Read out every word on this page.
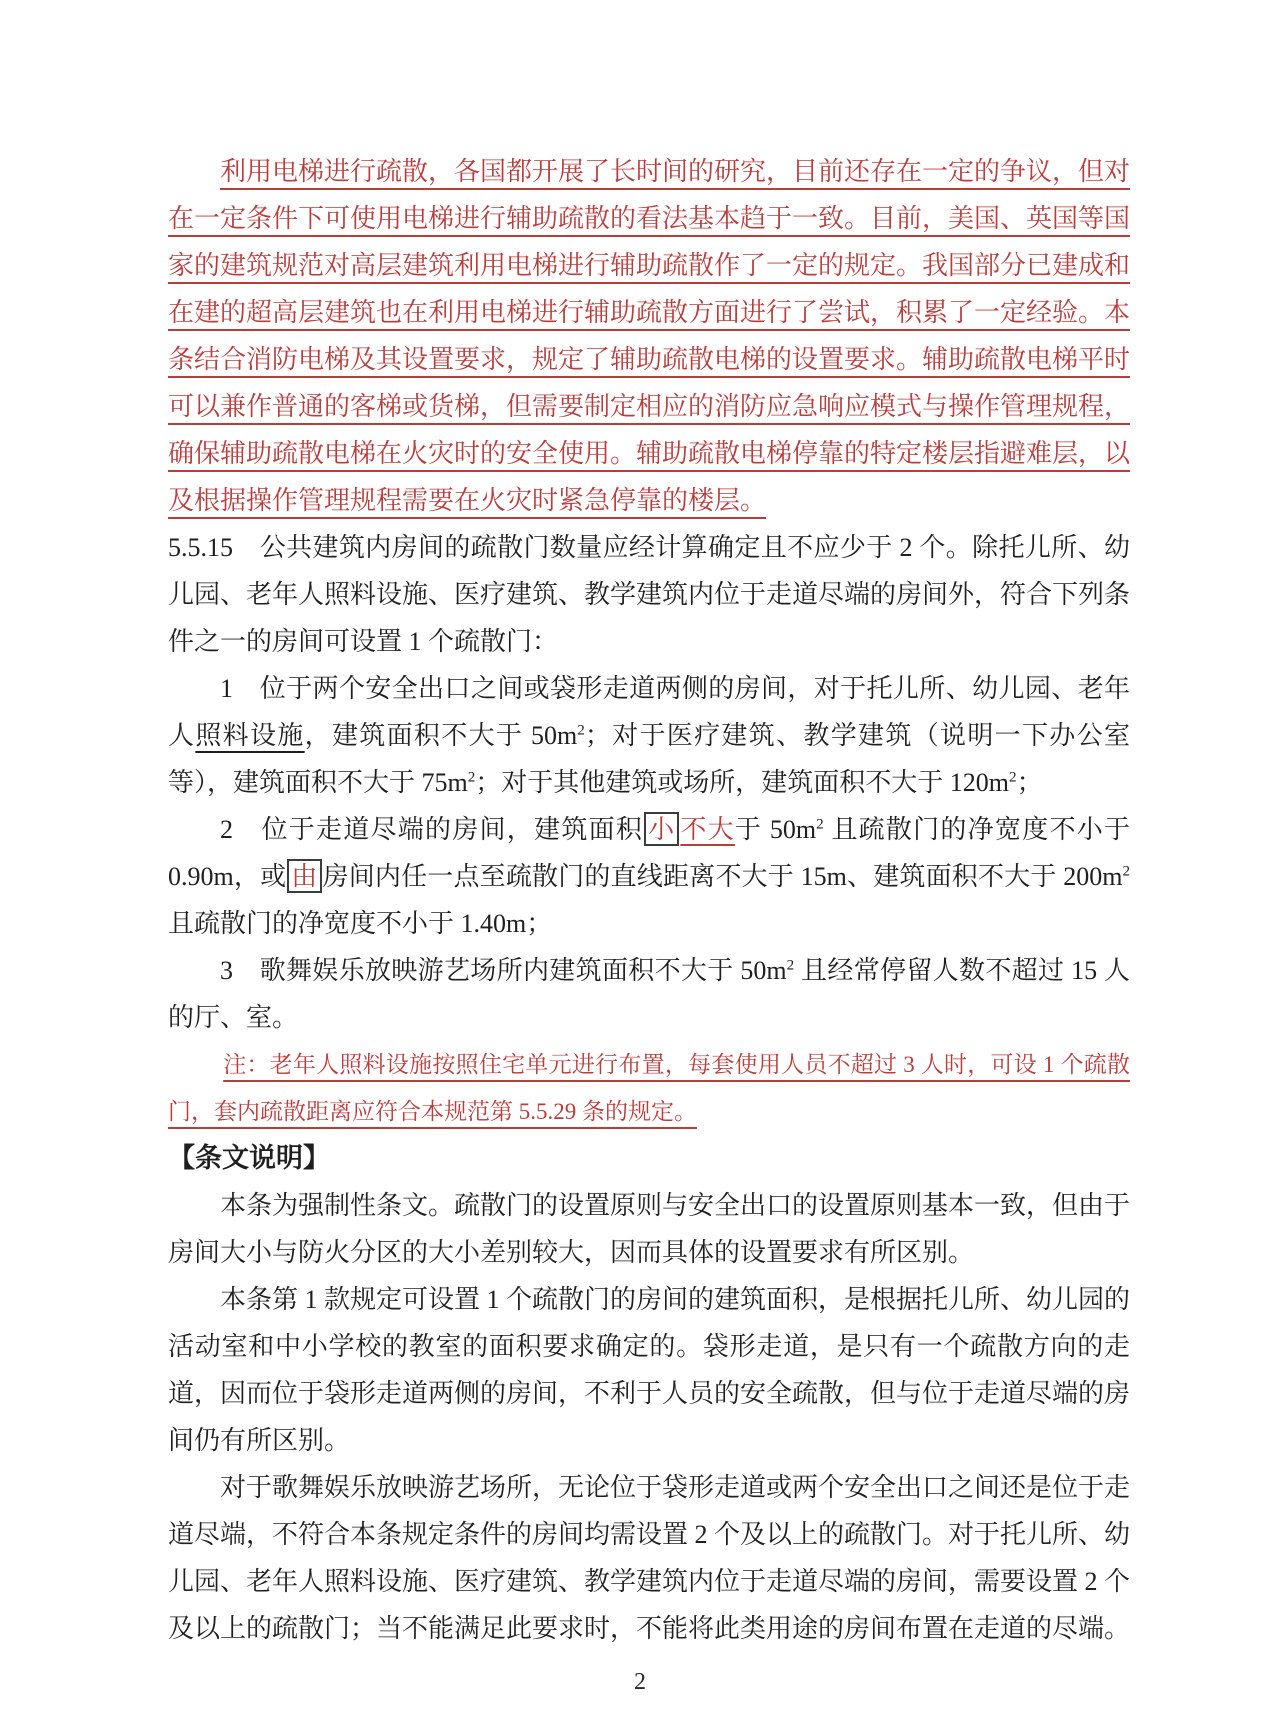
利用电梯进行疏散，各国都开展了长时间的研究，目前还存在一定的争议，但对在一定条件下可使用电梯进行辅助疏散的看法基本趋于一致。目前，美国、英国等国家的建筑规范对高层建筑利用电梯进行辅助疏散作了一定的规定。我国部分已建成和在建的超高层建筑也在利用电梯进行辅助疏散方面进行了尝试，积累了一定经验。本条结合消防电梯及其设置要求，规定了辅助疏散电梯的设置要求。辅助疏散电梯平时可以兼作普通的客梯或货梯，但需要制定相应的消防应急响应模式与操作管理规程，确保辅助疏散电梯在火灾时的安全使用。辅助疏散电梯停靠的特定楼层指避难层，以及根据操作管理规程需要在火灾时紧急停靠的楼层。

5.5.15　公共建筑内房间的疏散门数量应经计算确定且不应少于 2 个。除托儿所、幼儿园、老年人照料设施、医疗建筑、教学建筑内位于走道尽端的房间外，符合下列条件之一的房间可设置 1 个疏散门：

1　位于两个安全出口之间或袋形走道两侧的房间，对于托儿所、幼儿园、老年人照料设施，建筑面积不大于 $50m^2$；对于医疗建筑、教学建筑（说明一下办公室等），建筑面积不大于 $75m^2$；对于其他建筑或场所，建筑面积不大于 $120m^2$；

2　位于走道尽端的房间，建筑面积 小 不大于 $50m^2$ 且疏散门的净宽度不小于 0.90m，或 由 房间内任一点至疏散门的直线距离不大于 15m、建筑面积不大于 $200m^2$ 且疏散门的净宽度不小于 1.40m；

3　歌舞娱乐放映游艺场所内建筑面积不大于 $50m^2$ 且经常停留人数不超过 15 人的厅、室。

注：老年人照料设施按照住宅单元进行布置，每套使用人员不超过 3 人时，可设 1 个疏散门，套内疏散距离应符合本规范第 5.5.29 条的规定。

【条文说明】

本条为强制性条文。疏散门的设置原则与安全出口的设置原则基本一致，但由于房间大小与防火分区的大小差别较大，因而具体的设置要求有所区别。

本条第 1 款规定可设置 1 个疏散门的房间的建筑面积，是根据托儿所、幼儿园的活动室和中小学校的教室的面积要求确定的。袋形走道，是只有一个疏散方向的走道，因而位于袋形走道两侧的房间，不利于人员的安全疏散，但与位于走道尽端的房间仍有所区别。

对于歌舞娱乐放映游艺场所，无论位于袋形走道或两个安全出口之间还是位于走道尽端，不符合本条规定条件的房间均需设置 2 个及以上的疏散门。对于托儿所、幼儿园、老年人照料设施、医疗建筑、教学建筑内位于走道尽端的房间，需要设置 2 个及以上的疏散门；当不能满足此要求时，不能将此类用途的房间布置在走道的尽端。

2
